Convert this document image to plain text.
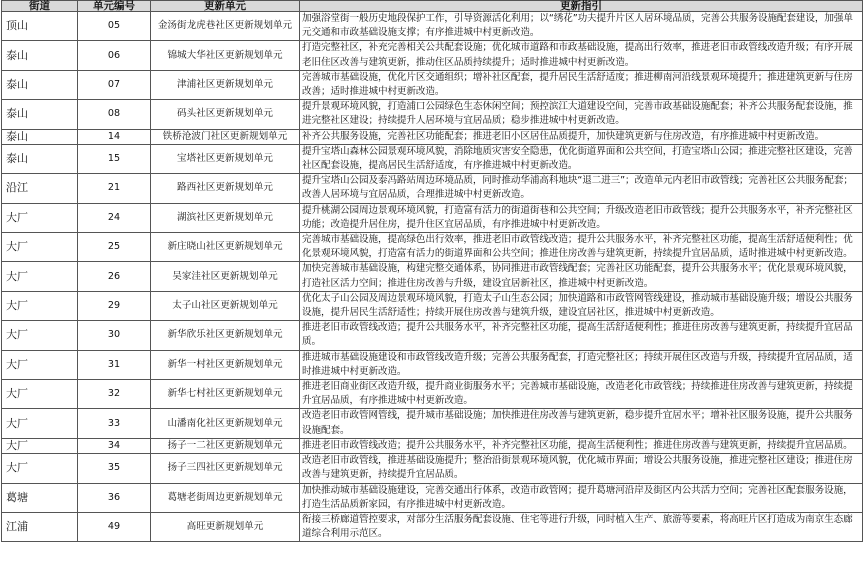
街道	单元编号	更新单元	更新指引
顶山	05	金汤街龙虎巷社区更新规划单元	加强浴堂街一般历史地段保护工作，引导资源活化利用；以“绣花”功夫提升片区人居环境品质，完善公共服务设施配套建设，加强单元交通和市政基础设施支撑；有序推进城中村更新改造。
泰山	06	锦城大华社区更新规划单元	打造完整社区，补充完善相关公共配套设施；优化城市道路和市政基础设施，提高出行效率，推进老旧市政管线改造升级；有序开展老旧住区改善与建筑更新，推动住区品质持续提升；适时推进城中村更新改造。
泰山	07	津浦社区更新规划单元	完善城市基础设施，优化片区交通组织；增补社区配套，提升居民生活舒适度；推进柳南河沿线景观环境提升；推进建筑更新与住房改善；适时推进城中村更新改造。
泰山	08	码头社区更新规划单元	提升景观环境风貌，打造浦口公园绿色生态休闲空间；预控滨江大道建设空间，完善市政基础设施配套；补齐公共服务配套设施，推进完整社区建设；持续提升人居环境与宜居品质；稳步推进城中村更新改造。
泰山	14	铁桥沧波门社区更新规划单元	补齐公共服务设施，完善社区功能配套；推进老旧小区居住品质提升，加快建筑更新与住房改造，有序推进城中村更新改造。
泰山	15	宝塔社区更新规划单元	提升宝塔山森林公园景观环境风貌，消除地质灾害安全隐患，优化街道界面和公共空间，打造宝塔山公园；推进完整社区建设，完善社区配套设施，提高居民生活舒适度，有序推进城中村更新改造。
沿江	21	路西社区更新规划单元	提升宝塔山公园及泰冯路站周边环境品质，同时推动华浦高科地块“退二进三”；改造单元内老旧市政管线；完善社区公共服务配套；改善人居环境与宜居品质，合理推进城中村更新改造。
大厂	24	湖滨社区更新规划单元	提升桃湖公园周边景观环境风貌，打造富有活力的街道街巷和公共空间；升级改造老旧市政管线；提升公共服务水平，补齐完整社区功能；改造提升居住房，提升住区宜居品质，有序推进城中村更新改造。
大厂	25	新庄晓山社区更新规划单元	完善城市基础设施，提高绿色出行效率，推进老旧市政管线改造；提升公共服务水平，补齐完整社区功能，提高生活舒适便利性；优化景观环境风貌，打造富有活力的街道界面和公共空间；推进住房改善与建筑更新，持续提升宜居品质，适时推进城中村更新改造。
大厂	26	吴家洼社区更新规划单元	加快完善城市基础设施，构建完整交通体系，协同推进市政管线配套；完善社区功能配套，提升公共服务水平；优化景观环境风貌，打造社区活力空间；推进住房改善与升级，建设宜居新社区，推进城中村更新改造。
大厂	29	太子山社区更新规划单元	优化太子山公园及周边景观环境风貌，打造太子山生态公园；加快道路和市政管网管线建设，推动城市基础设施升级；增设公共服务设施，提升居民生活舒适性；持续开展住房改善与建筑升级，建设宜居社区，推进城中村更新改造。
大厂	30	新华欣乐社区更新规划单元	推进老旧市政管线改造；提升公共服务水平，补齐完整社区功能，提高生活舒适便利性；推进住房改善与建筑更新，持续提升宜居品质。
大厂	31	新华一村社区更新规划单元	推进城市基础设施建设和市政管线改造升级；完善公共服务配套，打造完整社区；持续开展住区改造与升级，持续提升宜居品质，适时推进城中村更新改造。
大厂	32	新华七村社区更新规划单元	推进老旧商业街区改造升级，提升商业街服务水平；完善城市基础设施，改造老化市政管线；持续推进住房改善与建筑更新，持续提升宜居品质，有序推进城中村更新改造。
大厂	33	山潘南化社区更新规划单元	改造老旧市政管网管线，提升城市基础设施；加快推进住房改善与建筑更新，稳步提升宜居水平；增补社区服务设施，提升公共服务设施配套。
大厂	34	扬子一二社区更新规划单元	推进老旧市政管线改造；提升公共服务水平，补齐完整社区功能，提高生活便利性；推进住房改善与建筑更新，持续提升宜居品质。
大厂	35	扬子三四社区更新规划单元	改造老旧市政管线，推进基础设施提升；整治沿街景观环境风貌，优化城市界面；增设公共服务设施，推进完整社区建设；推进住房改善与建筑更新，持续提升宜居品质。
葛塘	36	葛塘老街周边更新规划单元	加快推动城市基础设施建设，完善交通出行体系，改造市政管网；提升葛塘河沿岸及街区内公共活力空间；完善社区配套服务设施，打造生活品质新家园，有序推进城中村更新改造。
江浦	49	高旺更新规划单元	衔接三桥廊道管控要求，对部分生活服务配套设施、住宅等进行升级，同时植入生产、旅游等要素，将高旺片区打造成为南京生态廊道综合利用示范区。
